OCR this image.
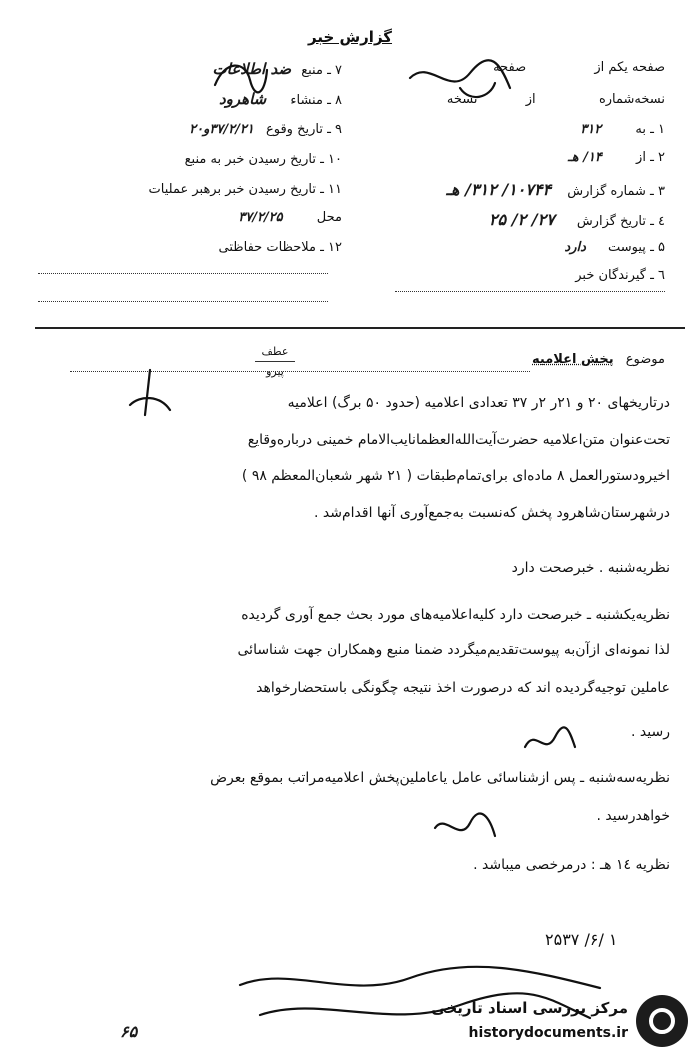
گزارش خبر
صفحه یکم از  صفحه
نسخه‌شماره  از  نسخه
۱ ـ به ۳۱۲
۲ ـ از ۱۴/ هـ
۳ ـ شماره گزارش ۱۰۷۴۴/ ۳۱۲/ هـ
٤ ـ تاریخ گزارش ۲۷/ ۲/ ۲۵
۵ ـ پیوست دارد
٦ ـ گیرندگان خبر
۷ ـ منبع ضد اطلاعات
۸ ـ منشاء شاهرود
۹ ـ تاریخ وقوع ۳۷/۲/۲۱و۲۰
۱۰ ـ تاریخ رسیدن خبر به منبع
۱۱ ـ تاریخ رسیدن خبر برهبر عملیات
محل ۳۷/۲/۲۵
۱۲ ـ ملاحظات حفاظتی
عطف
پیرو
موضوع پخش اعلامیه
درتاریخهای ۲۰ و ۲۱ر ۲ر ۳۷ تعدادی اعلامیه (حدود ۵۰ برگ) اعلامیه
تحت‌عنوان متن‌اعلامیه حضرت‌آیت‌الله‌العظمانایب‌الامام خمینی درباره‌وقایع
اخیرودستورالعمل ۸ ماده‌ای برای‌تمام‌طبقات ( ۲۱ شهر شعبان‌المعظم ۹۸ )
درشهرستان‌شاهرود پخش که‌نسبت به‌جمع‌آوری آنها اقدام‌شد .
نظریه‌شنبه . خبرصحت دارد
نظریه‌یکشنبه ـ خبرصحت دارد کلیه‌اعلامیه‌های مورد بحث جمع آوری گردیده
لذا نمونه‌ای ازآن‌به پیوست‌تقدیم‌میگردد ضمنا منبع وهمکاران جهت شناسائی
عاملین توجیه‌گردیده اند که درصورت اخذ نتیجه چگونگی باستحضارخواهد
رسید .
نظریه‌سه‌شنبه ـ پس ازشناسائی عامل یاعاملین‌پخش اعلامیه‌مراتب بموقع بعرض
خواهدرسید .
نظریه ۱٤ هـ : درمرخصی میباشد .
۲۵۳۷ /۶/ ۱
۶۵
مرکز بررسی اسناد تاریخی
historydocuments.ir
